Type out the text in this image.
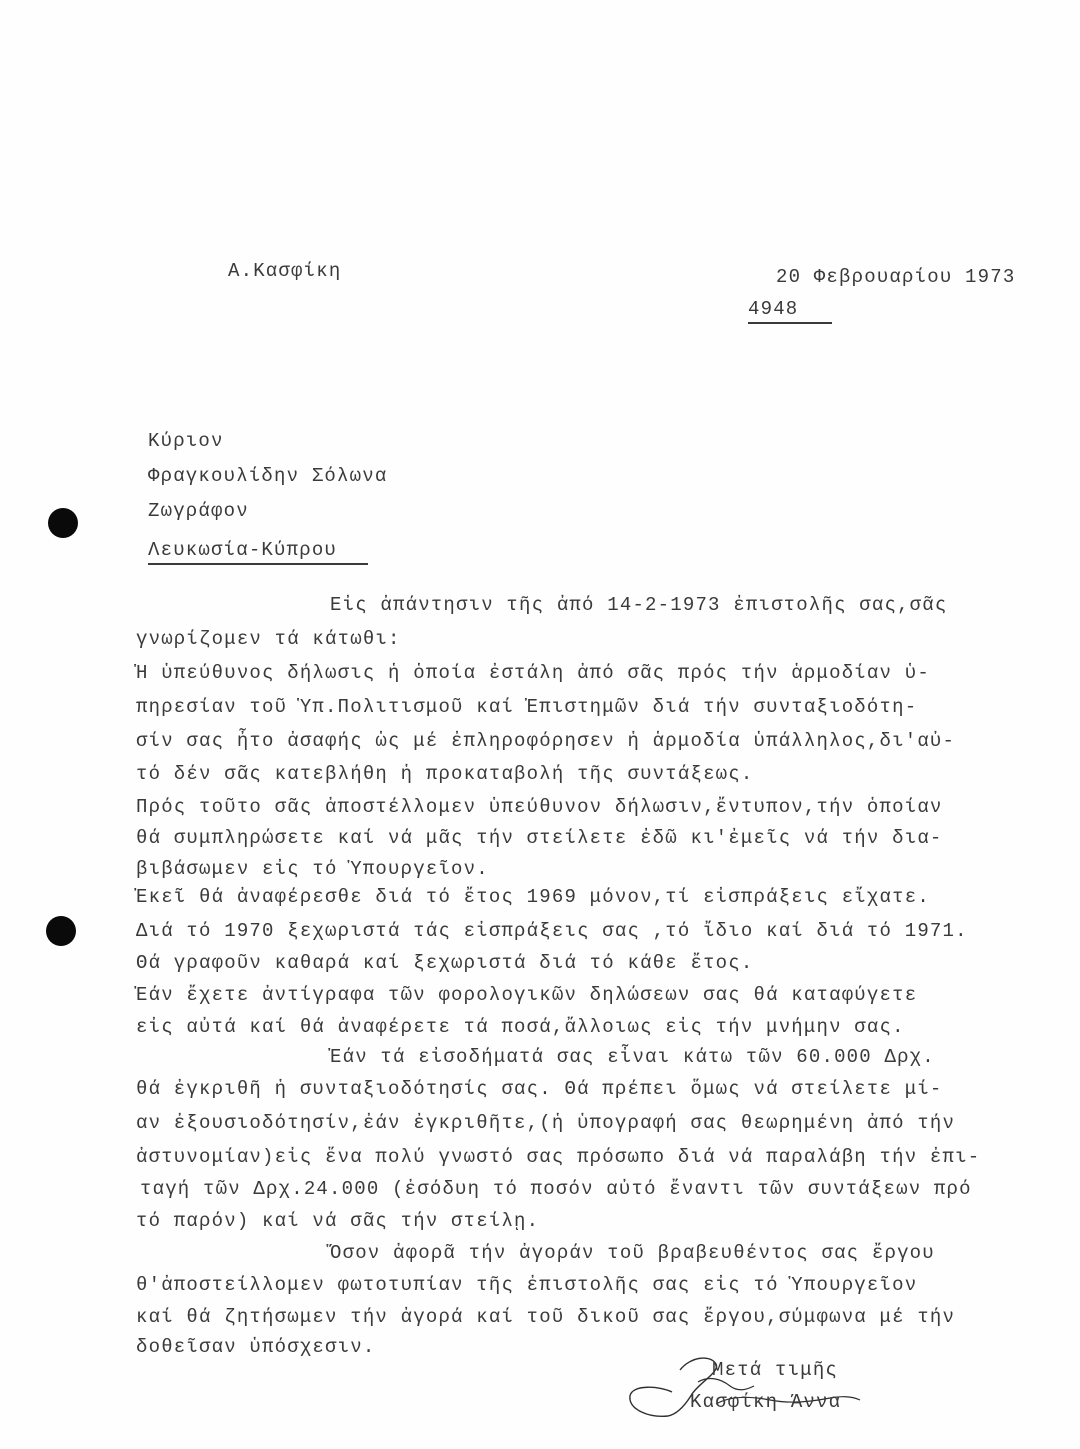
Α.Κασφίκη	20 Φεβρουαρίου 1973
4948
Κύριον
Φραγκουλίδην Σόλωνα
Ζωγράφον
Λευκωσία-Κύπρου
Εἰς ἀπάντησιν τῆς ἀπό 14-2-1973 ἐπιστολῆς σας,σᾶς
γνωρίζομεν τά κάτωθι:
Ἡ ὑπεύθυνος δήλωσις ἡ ὁποία ἐστάλη ἀπό σᾶς πρός τήν ἁρμοδίαν ὑ-
πηρεσίαν τοῦ Ὑπ.Πολιτισμοῦ καί Ἐπιστημῶν διά τήν συνταξιοδότη-
σίν σας ἦτο ἀσαφής ὡς μέ ἐπληροφόρησεν ἡ ἁρμοδία ὑπάλληλος,δι'αὐ-
τό δέν σᾶς κατεβλήθη ἡ προκαταβολή τῆς συντάξεως.
Πρός τοῦτο σᾶς ἀποστέλλομεν ὑπεύθυνον δήλωσιν,ἔντυπον,τήν ὁποίαν
θά συμπληρώσετε καί νά μᾶς τήν στείλετε ἐδῶ κι'ἐμεῖς νά τήν δια-
βιβάσωμεν εἰς τό Ὑπουργεῖον.
Ἐκεῖ θά ἀναφέρεσθε διά τό ἔτος 1969 μόνον,τί εἰσπράξεις εἴχατε.
Διά τό 1970 ξεχωριστά τάς εἰσπράξεις σας ,τό ἴδιο καί διά τό 1971.
Θά γραφοῦν καθαρά καί ξεχωριστά διά τό κάθε ἔτος.
Ἐάν ἔχετε ἀντίγραφα τῶν φορολογικῶν δηλώσεων σας θά καταφύγετε
εἰς αὐτά καί θά ἀναφέρετε τά ποσά,ἄλλοιως εἰς τήν μνήμην σας.
Ἐάν τά εἰσοδήματά σας εἶναι κάτω τῶν 60.000 Δρχ.
θά ἐγκριθῆ ἡ συνταξιοδότησίς σας. Θά πρέπει ὅμως νά στείλετε μί-
αν ἐξουσιοδότησίν,ἐάν ἐγκριθῆτε,(ἡ ὑπογραφή σας θεωρημένη ἀπό τήν
ἀστυνομίαν)εἰς ἕνα πολύ γνωστό σας πρόσωπο διά νά παραλάβη τήν ἐπι-
ταγή τῶν Δρχ.24.000 (ἐσόδυη τό ποσόν αὐτό ἔναντι τῶν συντάξεων πρό
τό παρόν) καί νά σᾶς τήν στείλῃ.
Ὅσον ἀφορᾶ τήν ἀγοράν τοῦ βραβευθέντος σας ἔργου
θ'ἀποστείλλομεν φωτοτυπίαν τῆς ἐπιστολῆς σας εἰς τό Ὑπουργεῖον
καί θά ζητήσωμεν τήν ἀγορά καί τοῦ δικοῦ σας ἔργου,σύμφωνα μέ τήν
δοθεῖσαν ὑπόσχεσιν.
Μετά τιμῆς
Κασφίκη Άννα
